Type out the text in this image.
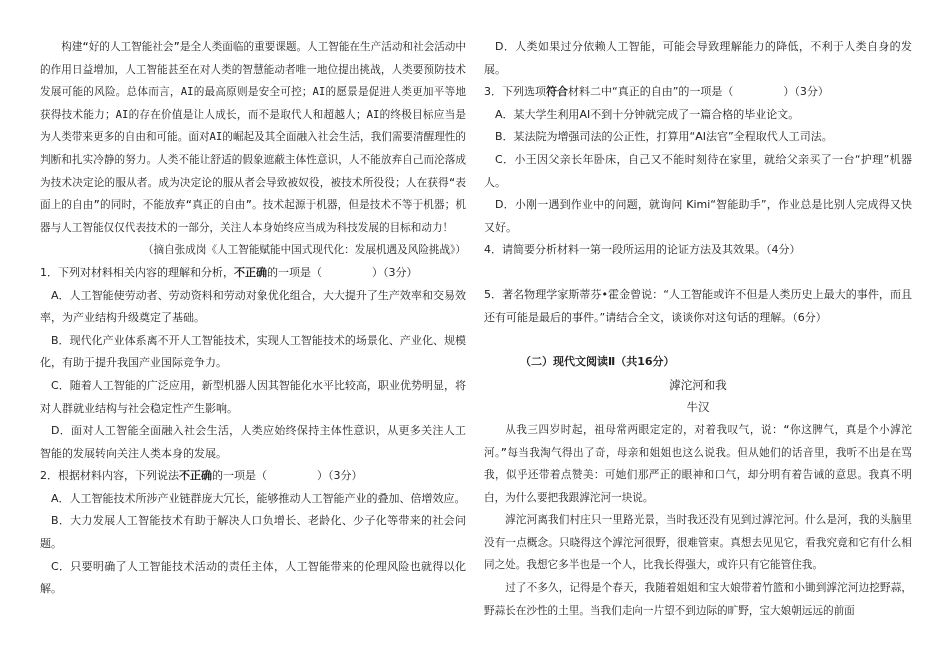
构建“好的人工智能社会”是全人类面临的重要课题。人工智能在生产活动和社会活动中的作用日益增加，人工智能甚至在对人类的智慧能动者唯一地位提出挑战，人类要预防技术发展可能的风险。总体而言，AI的最高原则是安全可控；AI的愿景是促进人类更加平等地获得技术能力；AI的存在价值是让人成长，而不是取代人和超越人；AI的终极目标应当是为人类带来更多的自由和可能。面对AI的崛起及其全面融入社会生活，我们需要清醒理性的判断和扎实冷静的努力。人类不能让舒适的假象遮蔽主体性意识，人不能放弃自己而沦落成为技术决定论的服从者。成为决定论的服从者会导致被奴役，被技术所役役；人在获得“表面上的自由”的同时，不能放弃“真正的自由”。技术起源于机器，但是技术不等于机器；机器与人工智能仅仅代表技术的一部分，关注人本身始终应当成为科技发展的目标和动力！

（摘自张成岗《人工智能赋能中国式现代化：发展机遇及风险挑战》）

1．下列对材料相关内容的理解和分析，不正确的一项是（	）（3分）

A．人工智能使劳动者、劳动资料和劳动对象优化组合，大大提升了生产效率和交易效率，为产业结构升级奠定了基础。

B．现代化产业体系离不开人工智能技术，实现人工智能技术的场景化、产业化、规模化，有助于提升我国产业国际竞争力。

C．随着人工智能的广泛应用，新型机器人因其智能化水平比较高，职业优势明显，将对人群就业结构与社会稳定性产生影响。

D．面对人工智能全面融入社会生活，人类应始终保持主体性意识，从更多关注人工智能的发展转向关注人类本身的发展。

2．根据材料内容，下列说法不正确的一项是（	）（3分）

A．人工智能技术所涉产业链群庞大冗长，能够推动人工智能产业的叠加、倍增效应。

B．大力发展人工智能技术有助于解决人口负增长、老龄化、少子化等带来的社会问题。

C．只要明确了人工智能技术活动的责任主体，人工智能带来的伦理风险也就得以化解。

D．人类如果过分依赖人工智能，可能会导致理解能力的降低，不利于人类自身的发展。

3．下列选项符合材料二中“真正的自由”的一项是（	）（3分）

A．某大学生利用AI不到十分钟就完成了一篇合格的毕业论文。

B．某法院为增强司法的公正性，打算用“AI法官”全程取代人工司法。

C．小王因父亲长年卧床，自己又不能时刻待在家里，就给父亲买了一台“护理”机器人。

D．小刚一遇到作业中的问题，就询问 Kimi“智能助手”，作业总是比别人完成得又快又好。

4．请简要分析材料一第一段所运用的论证方法及其效果。（4分）

5．著名物理学家斯蒂芬•霍金曾说：“人工智能或许不但是人类历史上最大的事件，而且还有可能是最后的事件。”请结合全文，谈谈你对这句话的理解。（6分）

（二）现代文阅读Ⅱ（共16分）

滹沱河和我

牛汉

从我三四岁时起，祖母常两眼定定的，对着我叹气，说：“你这脾气，真是个小滹沱河。”每当我淘气得出了奇，母亲和姐姐也这么说我。但从她们的话音里，我听不出是在骂我，似乎还带着点赞美：可她们那严正的眼神和口气，却分明有着告诫的意思。我真不明白，为什么要把我跟滹沱河一块说。

滹沱河离我们村庄只一里路光景，当时我还没有见到过滹沱河。什么是河，我的头脑里没有一点概念。只晓得这个滹沱河很野，很难管束。真想去见见它，看我究竟和它有什么相同之处。我想它多半也是一个人，比我长得强大，或许只有它能管住我。

过了不多久，记得是个春天，我随着姐姐和宝大娘带着竹篮和小锄到滹沱河边挖野蒜，野蒜长在沙性的土里。当我们走向一片望不到边际的旷野，宝大娘朝远远的前面
